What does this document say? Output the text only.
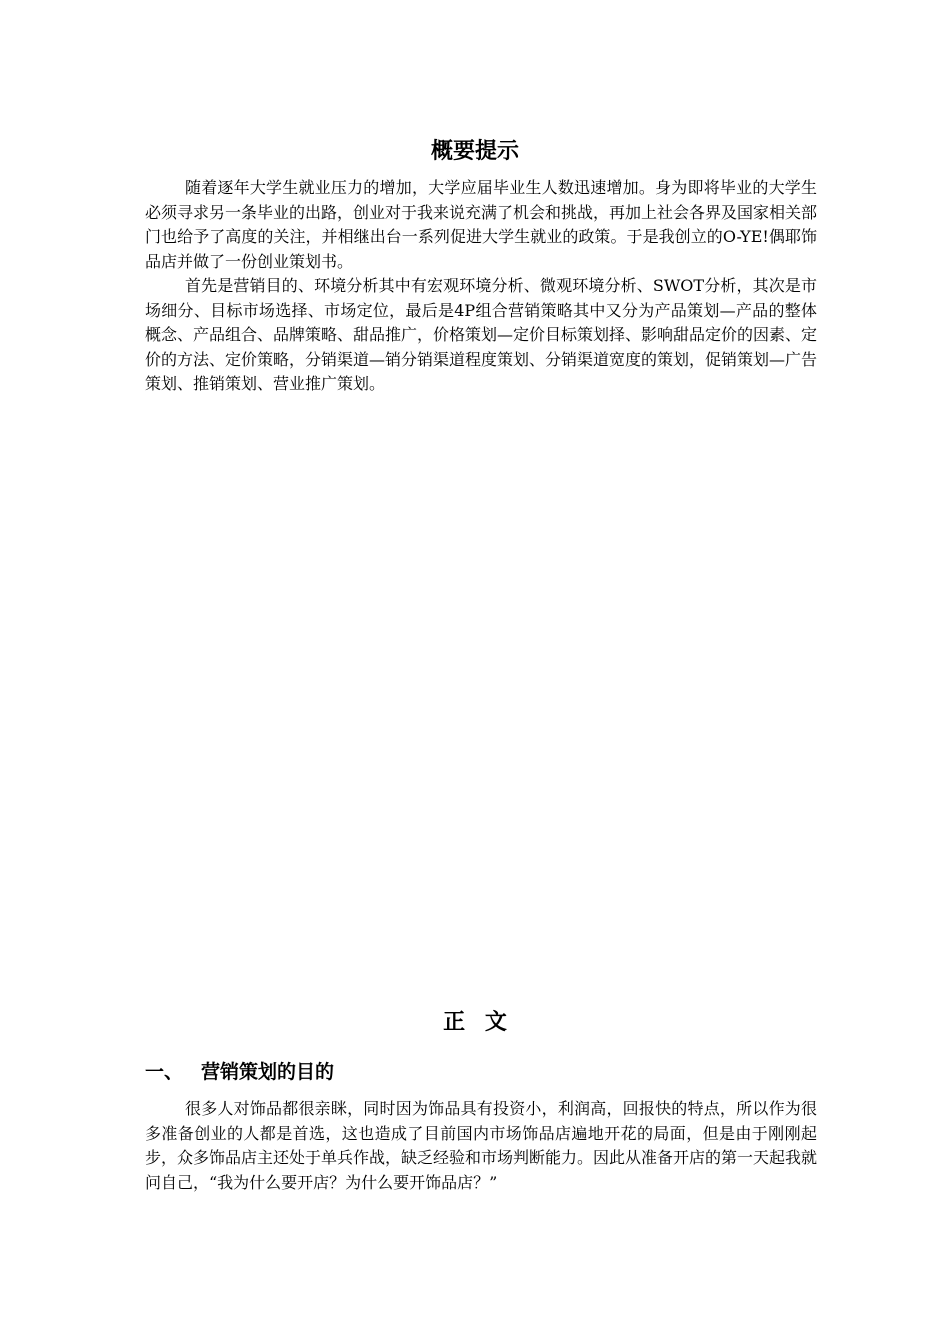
概要提示

随着逐年大学生就业压力的增加，大学应届毕业生人数迅速增加。身为即将毕业的大学生必须寻求另一条毕业的出路，创业对于我来说充满了机会和挑战，再加上社会各界及国家相关部门也给予了高度的关注，并相继出台一系列促进大学生就业的政策。于是我创立的O-YE!偶耶饰品店并做了一份创业策划书。

首先是营销目的、环境分析其中有宏观环境分析、微观环境分析、SWOT分析，其次是市场细分、目标市场选择、市场定位，最后是4P组合营销策略其中又分为产品策划—产品的整体概念、产品组合、品牌策略、甜品推广，价格策划—定价目标策划择、影响甜品定价的因素、定价的方法、定价策略，分销渠道—销分销渠道程度策划、分销渠道宽度的策划，促销策划—广告策划、推销策划、营业推广策划。

正文
一、 营销策划的目的

很多人对饰品都很亲眯，同时因为饰品具有投资小，利润高，回报快的特点，所以作为很多准备创业的人都是首选，这也造成了目前国内市场饰品店遍地开花的局面，但是由于刚刚起步，众多饰品店主还处于单兵作战，缺乏经验和市场判断能力。因此从准备开店的第一天起我就问自己，“我为什么要开店？为什么要开饰品店？”
